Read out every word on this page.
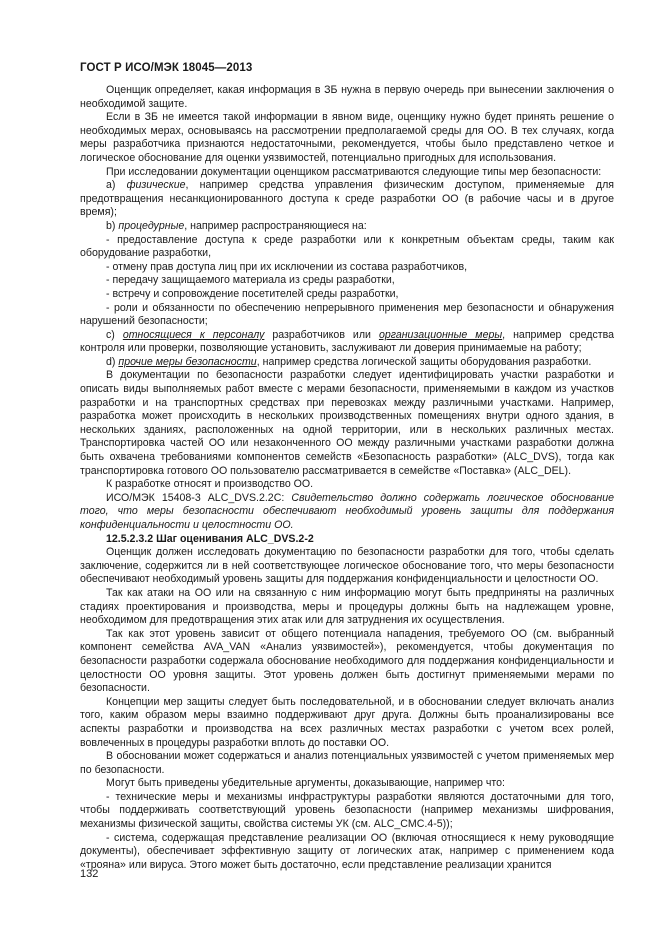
ГОСТ Р ИСО/МЭК 18045—2013

Оценщик определяет, какая информация в ЗБ нужна в первую очередь при вынесении заключения о необходимой защите.

Если в ЗБ не имеется такой информации в явном виде, оценщику нужно будет принять решение о необходимых мерах, основываясь на рассмотрении предполагаемой среды для ОО. В тех случаях, когда меры разработчика признаются недостаточными, рекомендуется, чтобы было представлено четкое и логическое обоснование для оценки уязвимостей, потенциально пригодных для использования.

При исследовании документации оценщиком рассматриваются следующие типы мер безопасности:

а) физические, например средства управления физическим доступом, применяемые для предотвращения несанкционированного доступа к среде разработки ОО (в рабочие часы и в другое время);

b) процедурные, например распространяющиеся на:

- предоставление доступа к среде разработки или к конкретным объектам среды, таким как оборудование разработки,

- отмену прав доступа лиц при их исключении из состава разработчиков,

- передачу защищаемого материала из среды разработки,

- встречу и сопровождение посетителей среды разработки,

- роли и обязанности по обеспечению непрерывного применения мер безопасности и обнаружения нарушений безопасности;

с) относящиеся к персоналу разработчиков или организационные меры, например средства контроля или проверки, позволяющие установить, заслуживают ли доверия принимаемые на работу;

d) прочие меры безопасности, например средства логической защиты оборудования разработки.

В документации по безопасности разработки следует идентифицировать участки разработки и описать виды выполняемых работ вместе с мерами безопасности, применяемыми в каждом из участков разработки и на транспортных средствах при перевозках между различными участками. Например, разработка может происходить в нескольких производственных помещениях внутри одного здания, в нескольких зданиях, расположенных на одной территории, или в нескольких различных местах. Транспортировка частей ОО или незаконченного ОО между различными участками разработки должна быть охвачена требованиями компонентов семейств «Безопасность разработки» (ALC_DVS), тогда как транспортировка готового ОО пользователю рассматривается в семействе «Поставка» (ALC_DEL).

К разработке относят и производство ОО.

ИСО/МЭК 15408-3 ALC_DVS.2.2С: Свидетельство должно содержать логическое обоснование того, что меры безопасности обеспечивают необходимый уровень защиты для поддержания конфиденциальности и целостности ОО.

12.5.2.3.2 Шаг оценивания ALC_DVS.2-2

Оценщик должен исследовать документацию по безопасности разработки для того, чтобы сделать заключение, содержится ли в ней соответствующее логическое обоснование того, что меры безопасности обеспечивают необходимый уровень защиты для поддержания конфиденциальности и целостности ОО.

Так как атаки на ОО или на связанную с ним информацию могут быть предприняты на различных стадиях проектирования и производства, меры и процедуры должны быть на надлежащем уровне, необходимом для предотвращения этих атак или для затруднения их осуществления.

Так как этот уровень зависит от общего потенциала нападения, требуемого ОО (см. выбранный компонент семейства AVA_VAN «Анализ уязвимостей»), рекомендуется, чтобы документация по безопасности разработки содержала обоснование необходимого для поддержания конфиденциальности и целостности ОО уровня защиты. Этот уровень должен быть достигнут применяемыми мерами по безопасности.

Концепции мер защиты следует быть последовательной, и в обосновании следует включать анализ того, каким образом меры взаимно поддерживают друг друга. Должны быть проанализированы все аспекты разработки и производства на всех различных местах разработки с учетом всех ролей, вовлеченных в процедуры разработки вплоть до поставки ОО.

В обосновании может содержаться и анализ потенциальных уязвимостей с учетом применяемых мер по безопасности.

Могут быть приведены убедительные аргументы, доказывающие, например что:

- технические меры и механизмы инфраструктуры разработки являются достаточными для того, чтобы поддерживать соответствующий уровень безопасности (например механизмы шифрования, механизмы физической защиты, свойства системы УК (см. ALC_CMC.4-5));

- система, содержащая представление реализации ОО (включая относящиеся к нему руководящие документы), обеспечивает эффективную защиту от логических атак, например с применением кода «трояна» или вируса. Этого может быть достаточно, если представление реализации хранится

132
